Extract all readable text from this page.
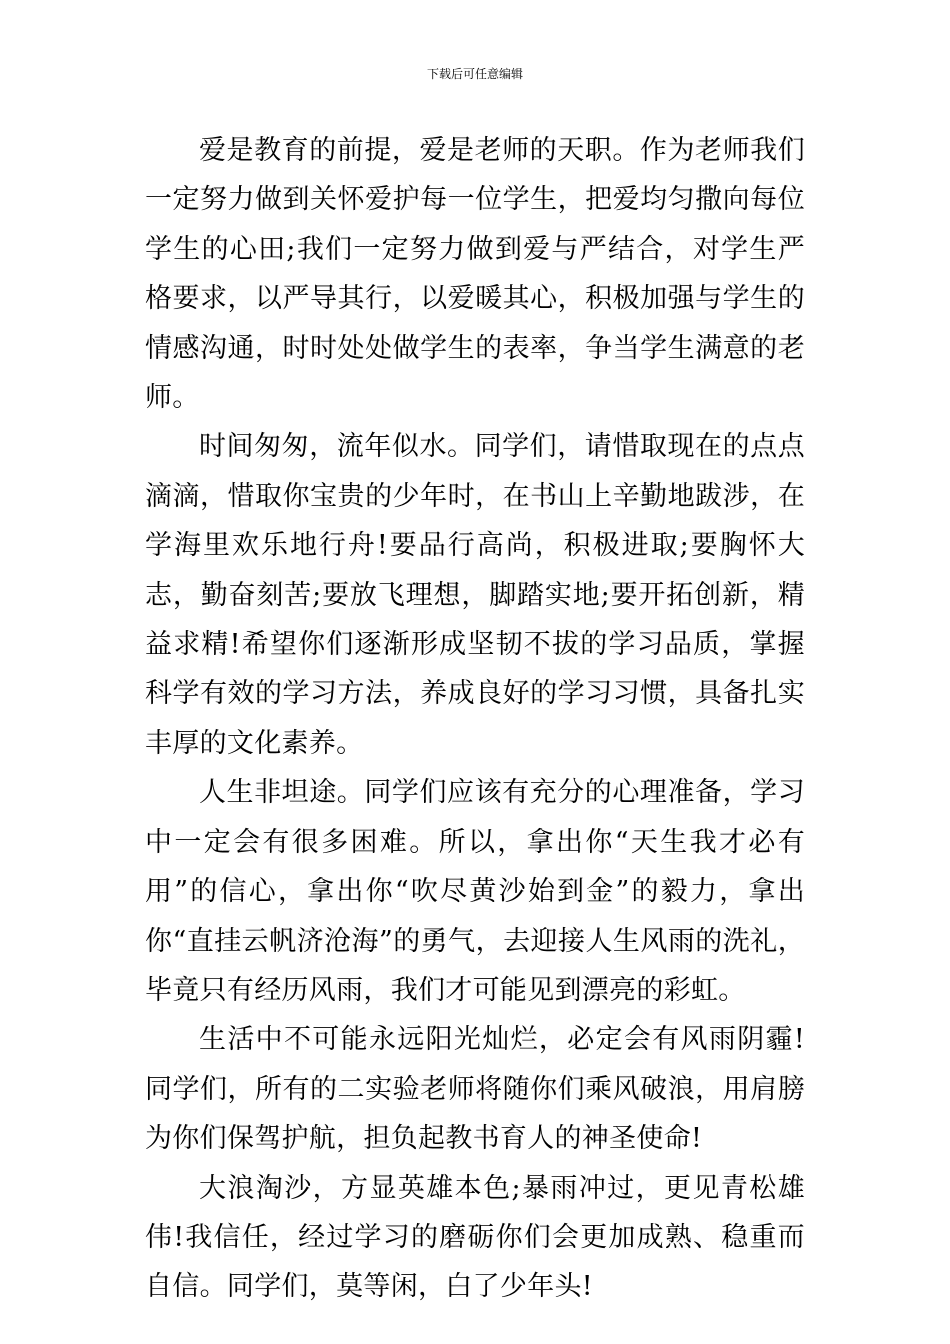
下载后可任意编辑

爱是教育的前提，爱是老师的天职。作为老师我们一定努力做到关怀爱护每一位学生，把爱均匀撒向每位学生的心田;我们一定努力做到爱与严结合，对学生严格要求，以严导其行，以爱暖其心，积极加强与学生的情感沟通，时时处处做学生的表率，争当学生满意的老师。

时间匆匆，流年似水。同学们，请惜取现在的点点滴滴，惜取你宝贵的少年时，在书山上辛勤地跋涉，在学海里欢乐地行舟!要品行高尚，积极进取;要胸怀大志，勤奋刻苦;要放飞理想，脚踏实地;要开拓创新，精益求精!希望你们逐渐形成坚韧不拔的学习品质，掌握科学有效的学习方法，养成良好的学习习惯，具备扎实丰厚的文化素养。

人生非坦途。同学们应该有充分的心理准备，学习中一定会有很多困难。所以，拿出你“天生我才必有用”的信心，拿出你“吹尽黄沙始到金”的毅力，拿出你“直挂云帆济沧海”的勇气，去迎接人生风雨的洗礼，毕竟只有经历风雨，我们才可能见到漂亮的彩虹。

生活中不可能永远阳光灿烂，必定会有风雨阴霾!同学们，所有的二实验老师将随你们乘风破浪，用肩膀为你们保驾护航，担负起教书育人的神圣使命!

大浪淘沙，方显英雄本色;暴雨冲过，更见青松雄伟!我信任，经过学习的磨砺你们会更加成熟、稳重而自信。同学们，莫等闲，白了少年头!
